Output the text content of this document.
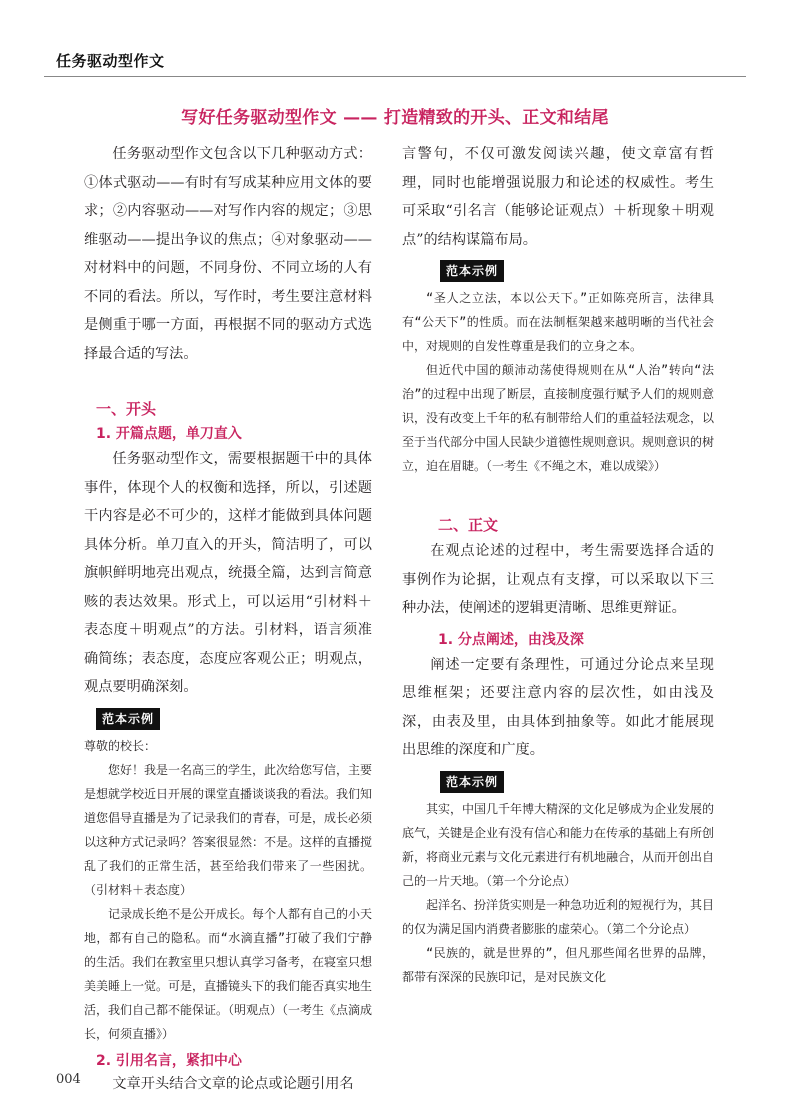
任务驱动型作文
写好任务驱动型作文 —— 打造精致的开头、正文和结尾

任务驱动型作文包含以下几种驱动方式：①体式驱动——有时有写成某种应用文体的要求；②内容驱动——对写作内容的规定；③思维驱动——提出争议的焦点；④对象驱动——对材料中的问题，不同身份、不同立场的人有不同的看法。所以，写作时，考生要注意材料是侧重于哪一方面，再根据不同的驱动方式选择最合适的写法。

一、开头
1. 开篇点题，单刀直入

任务驱动型作文，需要根据题干中的具体事件，体现个人的权衡和选择，所以，引述题干内容是必不可少的，这样才能做到具体问题具体分析。单刀直入的开头，简洁明了，可以旗帜鲜明地亮出观点，统摄全篇，达到言简意赅的表达效果。形式上，可以运用“引材料＋表态度＋明观点”的方法。引材料，语言须准确简练；表态度，态度应客观公正；明观点，观点要明确深刻。

范本示例

尊敬的校长：

您好！我是一名高三的学生，此次给您写信，主要是想就学校近日开展的课堂直播谈谈我的看法。我们知道您倡导直播是为了记录我们的青春，可是，成长必须以这种方式记录吗？答案很显然：不是。这样的直播搅乱了我们的正常生活，甚至给我们带来了一些困扰。（引材料＋表态度）

记录成长绝不是公开成长。每个人都有自己的小天地，都有自己的隐私。而“水滴直播”打破了我们宁静的生活。我们在教室里只想认真学习备考，在寝室只想美美睡上一觉。可是，直播镜头下的我们能否真实地生活，我们自己都不能保证。（明观点）（一考生《点滴成长，何须直播》）

2. 引用名言，紧扣中心

文章开头结合文章的论点或论题引用名

言警句，不仅可激发阅读兴趣，使文章富有哲理，同时也能增强说服力和论述的权威性。考生可采取“引名言（能够论证观点）＋析现象＋明观点”的结构谋篇布局。

范本示例

“圣人之立法，本以公天下。”正如陈亮所言，法律具有“公天下”的性质。而在法制框架越来越明晰的当代社会中，对规则的自发性尊重是我们的立身之本。

但近代中国的颠沛动荡使得规则在从“人治”转向“法治”的过程中出现了断层，直接制度强行赋予人们的规则意识，没有改变上千年的私有制带给人们的重益轻法观念，以至于当代部分中国人民缺少道德性规则意识。规则意识的树立，迫在眉睫。（一考生《不绳之木，难以成梁》）

二、正文

在观点论述的过程中，考生需要选择合适的事例作为论据，让观点有支撑，可以采取以下三种办法，使阐述的逻辑更清晰、思维更辩证。

1. 分点阐述，由浅及深

阐述一定要有条理性，可通过分论点来呈现思维框架；还要注意内容的层次性，如由浅及深，由表及里，由具体到抽象等。如此才能展现出思维的深度和广度。

范本示例

其实，中国几千年博大精深的文化足够成为企业发展的底气，关键是企业有没有信心和能力在传承的基础上有所创新，将商业元素与文化元素进行有机地融合，从而开创出自己的一片天地。（第一个分论点）

起洋名、扮洋货实则是一种急功近利的短视行为，其目的仅为满足国内消费者膨胀的虚荣心。（第二个分论点）

“民族的，就是世界的”，但凡那些闻名世界的品牌，都带有深深的民族印记，是对民族文化

004
